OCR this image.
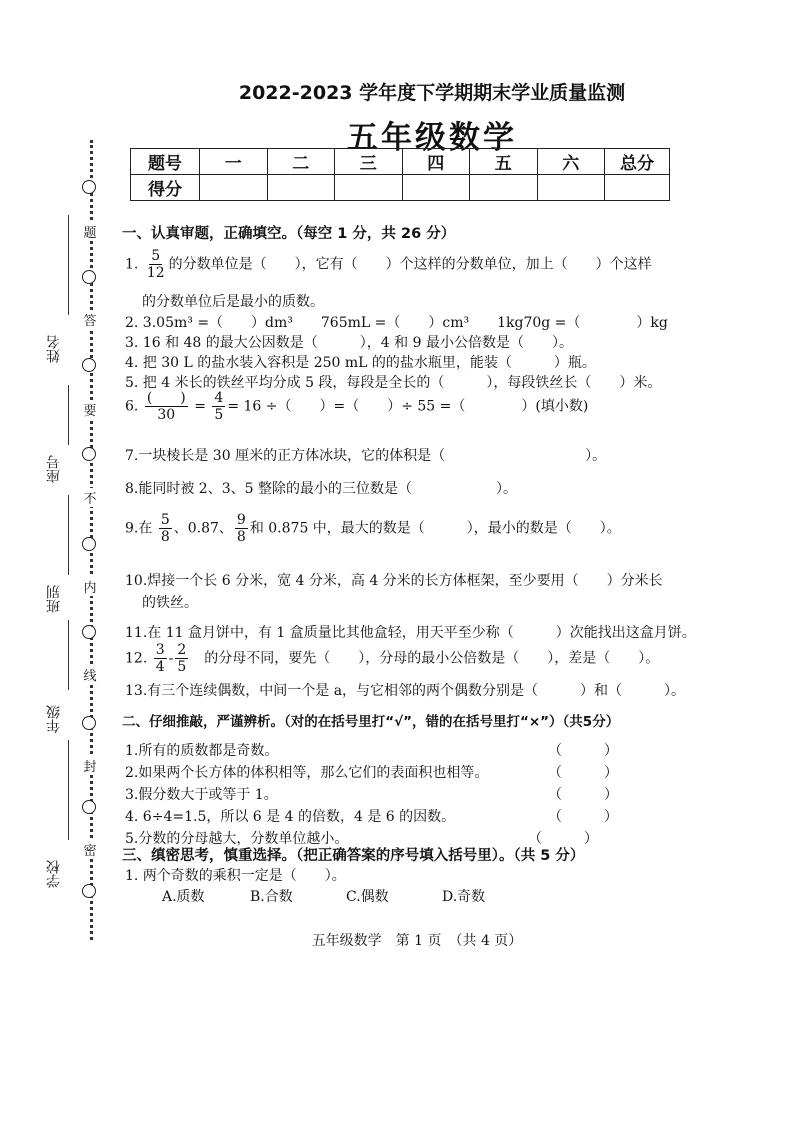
题
答
要
不
内
线
封
密
姓名
座号
班别
年级
学校
2022-2023 学年度下学期期末学业质量监测
五年级数学
题号	一	二	三	四	五	六	总分
得分							
一、认真审题，正确填空。（每空 1 分，共 26 分）
1. $\frac{5}{12}$ 的分数单位是（　　），它有（　　）个这样的分数单位，加上（　　）个这样
的分数单位后是最小的质数。
2. 3.05m³ =（　　）dm³　　765mL =（　　）cm³　　1kg70g =（　　　　）kg
3. 16 和 48 的最大公因数是（　　　），4 和 9 最小公倍数是（　　）。
4. 把 30 L 的盐水装入容积是 250 mL 的的盐水瓶里，能装（　　　）瓶。
5. 把 4 米长的铁丝平均分成 5 段，每段是全长的（　　　），每段铁丝长（　　）米。
6. $\frac{( )}{30} = \frac{4}{5} = 16$ ÷（　　）=（　　）÷ 55 =（　　　　）(填小数)
7.一块棱长是 30 厘米的正方体冰块，它的体积是（　　　　　　　　　　）。
8.能同时被 2、3、5 整除的最小的三位数是（　　　　　　）。
9.在 $\frac{5}{8}$ 、0.87、 $\frac{9}{8}$ 和 0.875 中，最大的数是（　　　），最小的数是（　　）。
10.焊接一个长 6 分米，宽 4 分米，高 4 分米的长方体框架，至少要用（　　）分米长
的铁丝。
11.在 11 盒月饼中，有 1 盒质量比其他盒轻，用天平至少称（　　　）次能找出这盒月饼。
12. $\frac{3}{4} - \frac{2}{5}$
　 的分母不同，要先（　　），分母的最小公倍数是（　　），差是（　　）。
13.有三个连续偶数，中间一个是 a，与它相邻的两个偶数分别是（　　　）和（　　　）。
二、仔细推敲，严谨辨析。（对的在括号里打“√”，错的在括号里打“×”）（共5分）
1.所有的质数都是奇数。	（　　　）
2.如果两个长方体的体积相等，那么它们的表面积也相等。	（　　　）
3.假分数大于或等于 1。	（　　　）
4. 6÷4=1.5，所以 6 是 4 的倍数，4 是 6 的因数。	（　　　）
5.分数的分母越大，分数单位越小。	（　　　）
三、缜密思考，慎重选择。（把正确答案的序号填入括号里）。（共 5 分）
1. 两个奇数的乘积一定是（　　）。
A.质数	B.合数	C.偶数	D.奇数
五年级数学　第 1 页　（共 4 页）
